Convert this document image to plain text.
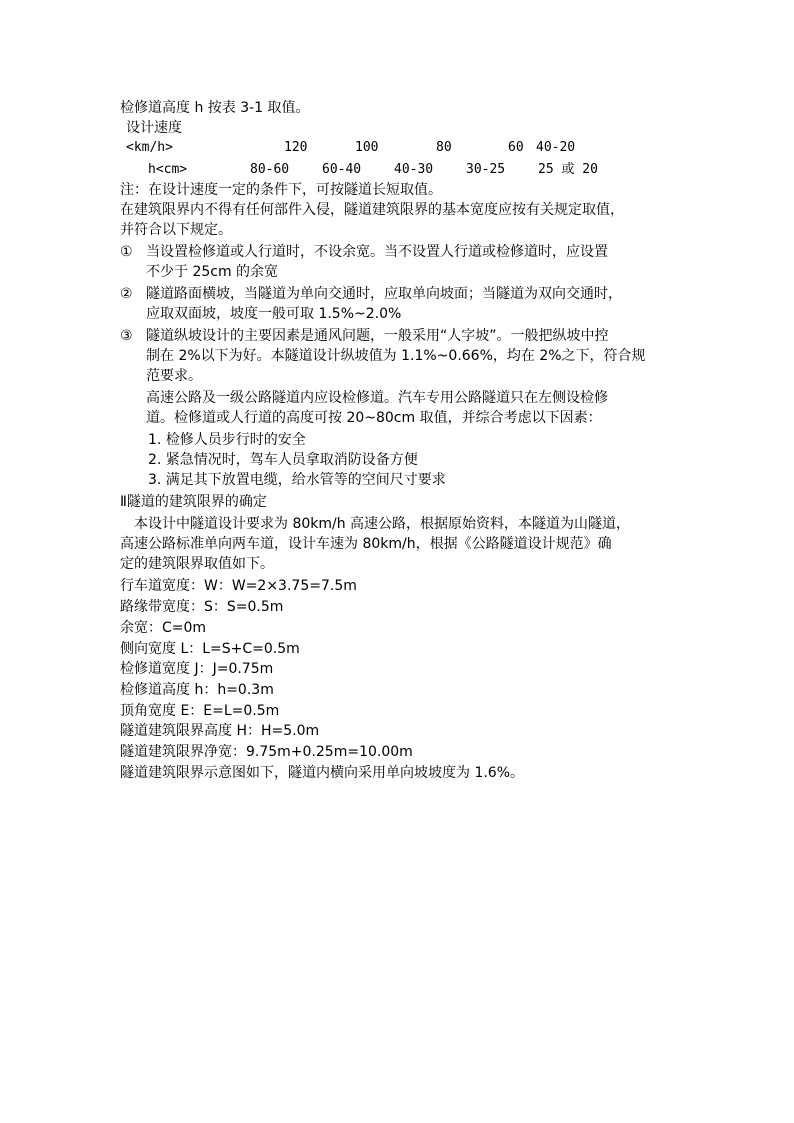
检修道高度 h 按表 3-1 取值。
设计速度
<km/h>	120	100	80	60 40-20
h<cm>	80-60	60-40	40-30	30-25	25 或 20
注：在设计速度一定的条件下，可按隧道长短取值。
在建筑限界内不得有任何部件入侵，隧道建筑限界的基本宽度应按有关规定取值，
并符合以下规定。
① 当设置检修道或人行道时，不设余宽。当不设置人行道或检修道时，应设置
不少于 25cm 的余宽
② 隧道路面横坡，当隧道为单向交通时，应取单向坡面；当隧道为双向交通时，
应取双面坡，坡度一般可取 1.5%~2.0%
③ 隧道纵坡设计的主要因素是通风问题，一般采用“人字坡”。一般把纵坡中控
制在 2%以下为好。本隧道设计纵坡值为 1.1%~0.66%，均在 2%之下，符合规
范要求。
高速公路及一级公路隧道内应设检修道。汽车专用公路隧道只在左侧设检修
道。检修道或人行道的高度可按 20~80cm 取值，并综合考虑以下因素：
1. 检修人员步行时的安全
2. 紧急情况时，驾车人员拿取消防设备方便
3. 满足其下放置电缆，给水管等的空间尺寸要求
Ⅱ隧道的建筑限界的确定
本设计中隧道设计要求为 80km/h 高速公路，根据原始资料，本隧道为山隧道，
高速公路标准单向两车道，设计车速为 80km/h，根据《公路隧道设计规范》确
定的建筑限界取值如下。
行车道宽度：W：W=2×3.75=7.5m
路缘带宽度：S：S=0.5m
余宽：C=0m
侧向宽度 L：L=S+C=0.5m
检修道宽度 J：J=0.75m
检修道高度 h：h=0.3m
顶角宽度 E：E=L=0.5m
隧道建筑限界高度 H：H=5.0m
隧道建筑限界净宽：9.75m+0.25m=10.00m
隧道建筑限界示意图如下，隧道内横向采用单向坡坡度为 1.6%。
